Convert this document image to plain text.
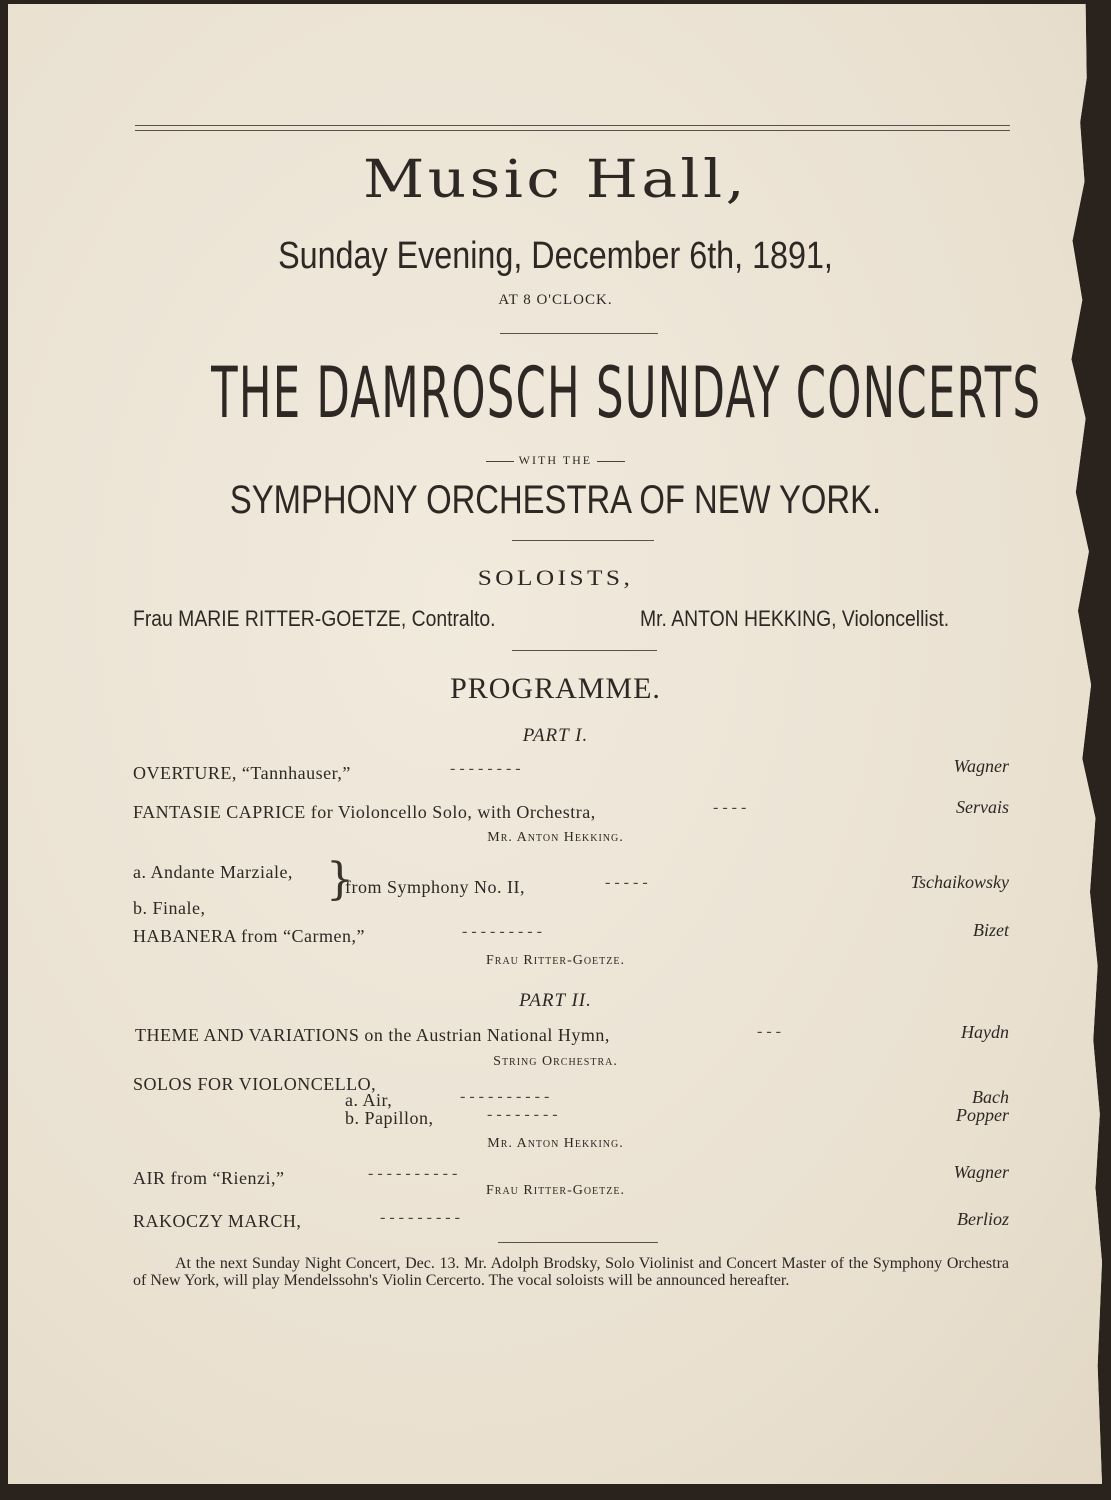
Music Hall,
Sunday Evening, December 6th, 1891,
AT 8 O'CLOCK.
THE DAMROSCH SUNDAY CONCERTS
WITH THE
SYMPHONY ORCHESTRA OF NEW YORK.
SOLOISTS,
Frau MARIE RITTER-GOETZE, Contralto.	Mr. ANTON HEKKING, Violoncellist.
PROGRAMME.
PART I.
OVERTURE, “Tannhauser,”	- - - - - - - -	Wagner
FANTASIE CAPRICE for Violoncello Solo, with Orchestra,	- - - -	Servais
Mr. Anton Hekking.
a. Andante Marziale,
b. Finale,
}
from Symphony No. II,	- - - - -	Tschaikowsky
HABANERA from “Carmen,”	- - - - - - - - -	Bizet
Frau Ritter-Goetze.
PART II.
THEME AND VARIATIONS on the Austrian National Hymn,	- - -	Haydn
String Orchestra.
SOLOS FOR VIOLONCELLO,
a. Air,	- - - - - - - - - -	Bach
b. Papillon,	- - - - - - - -	Popper
Mr. Anton Hekking.
AIR from “Rienzi,”	- - - - - - - - - -	Wagner
Frau Ritter-Goetze.
RAKOCZY MARCH,	- - - - - - - - -	Berlioz
At the next Sunday Night Concert, Dec. 13. Mr. Adolph Brodsky, Solo Violinist and Concert Master of the Symphony Orchestra of New York, will play Mendelssohn's Violin Cercerto. The vocal soloists will be announced hereafter.
